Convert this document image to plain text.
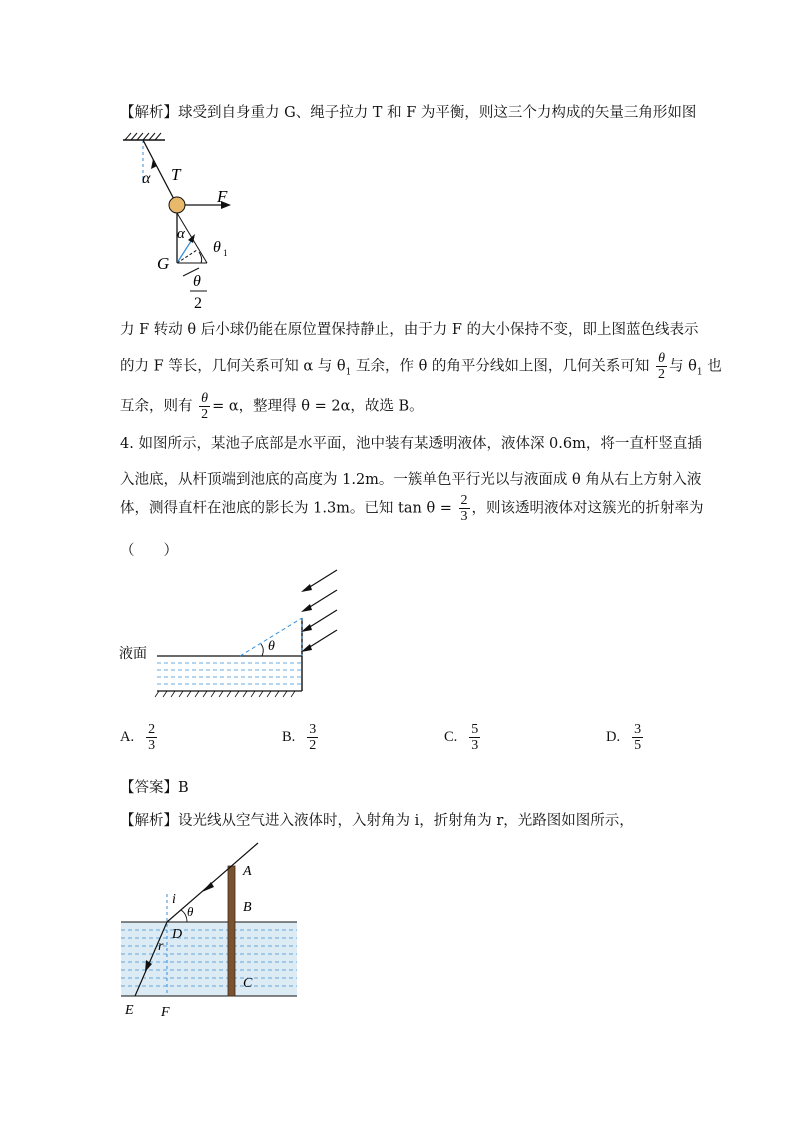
【解析】球受到自身重力 G、绳子拉力 T 和 F 为平衡，则这三个力构成的矢量三角形如图
α T
F
α
θ 1
G
θ
2
力 F 转动 θ 后小球仍能在原位置保持静止，由于力 F 的大小保持不变，即上图蓝色线表示
的力 F 等长，几何关系可知 α 与 $\theta_1$ 互余，作 θ 的角平分线如上图，几何关系可知 $\frac{\theta}{2}$ 与 $\theta_1$ 也
互余，则有 $\frac{\theta}{2} = \alpha$，整理得 θ = 2α，故选 B。
4. 如图所示，某池子底部是水平面，池中装有某透明液体，液体深 0.6m，将一直杆竖直插
入池底，从杆顶端到池底的高度为 1.2m。一簇单色平行光以与液面成 θ 角从右上方射入液
体，测得直杆在池底的影长为 1.3m。已知 $\tan \theta = \frac{2}{3}$ ，则该透明液体对这簇光的折射率为
（　　）
θ
液面
A. $\frac{2}{3}$	B. $\frac{3}{2}$	C. $\frac{5}{3}$	D. $\frac{3}{5}$
【答案】B
【解析】设光线从空气进入液体时，入射角为 i，折射角为 r，光路图如图所示，
A
B
C
D
E F
i
θ
r
